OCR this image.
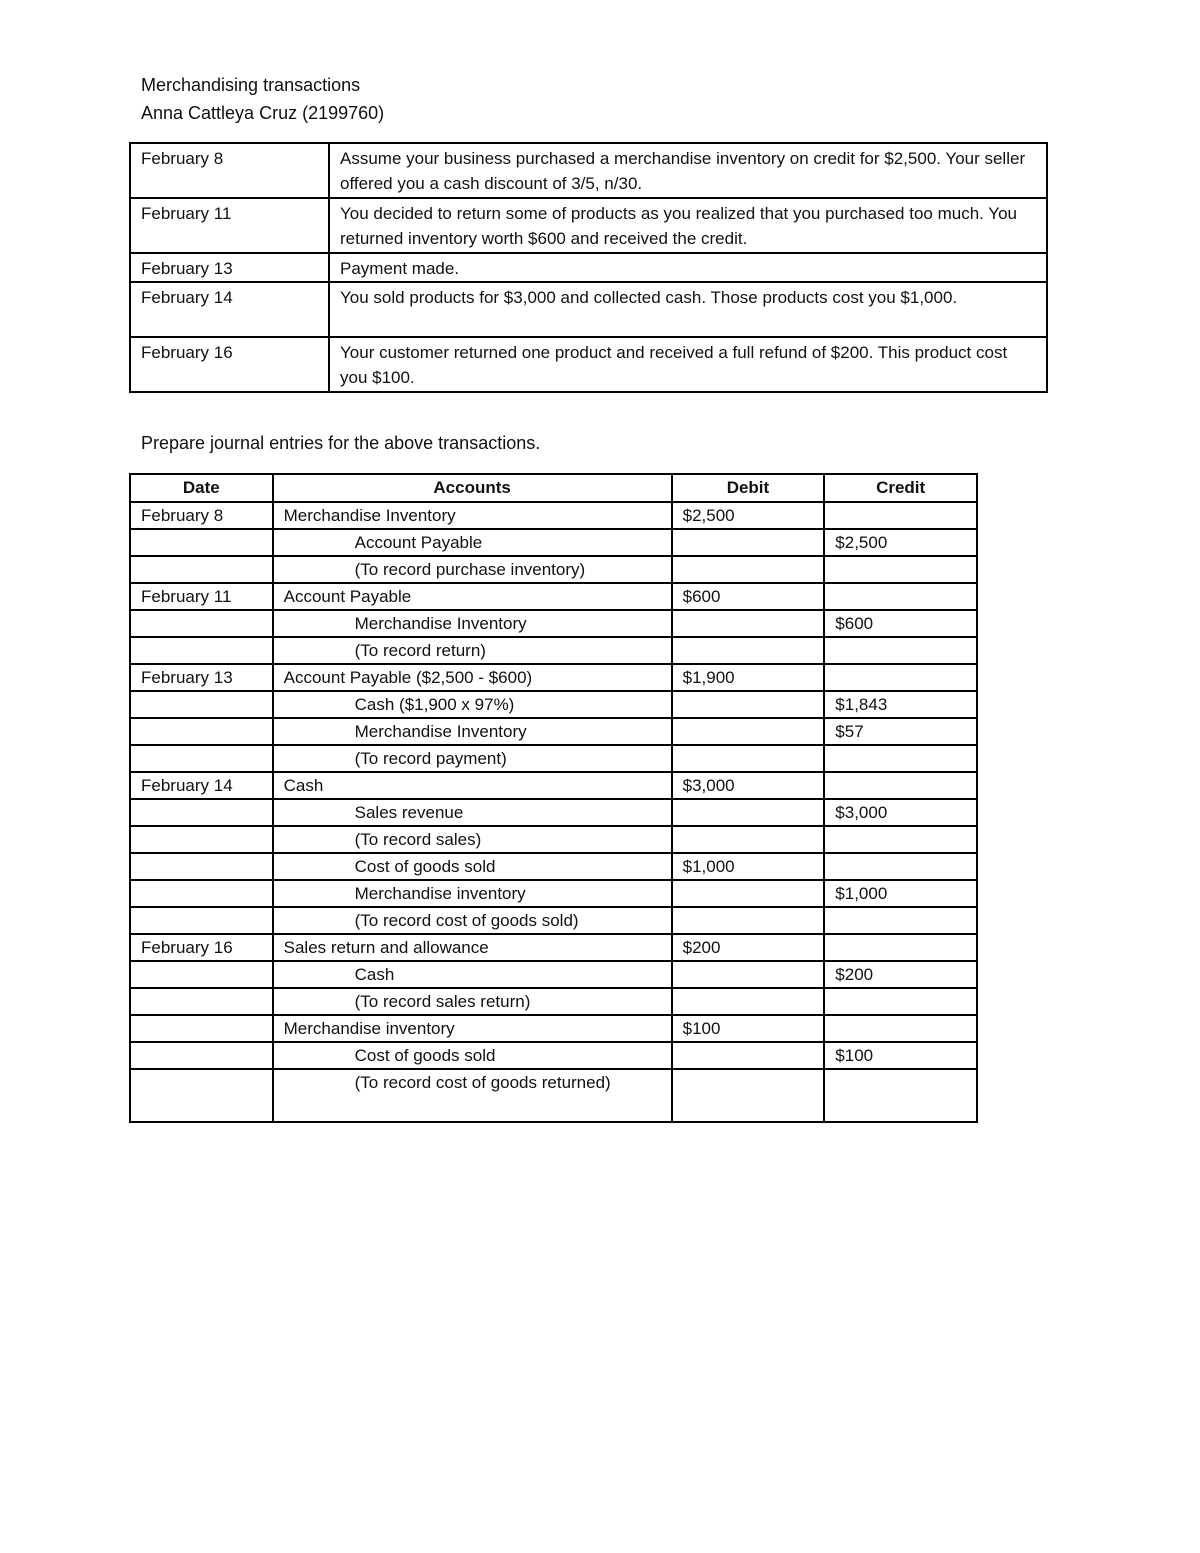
Merchandising transactions
Anna Cattleya Cruz (2199760)
February 8	Assume your business purchased a merchandise inventory on credit for $2,500. Your seller offered you a cash discount of 3/5, n/30.
February 11	You decided to return some of products as you realized that you purchased too much. You returned inventory worth $600 and received the credit.
February 13	Payment made.
February 14	You sold products for $3,000 and collected cash. Those products cost you $1,000.
February 16	Your customer returned one product and received a full refund of $200. This product cost you $100.
Prepare journal entries for the above transactions.
Date	Accounts	Debit	Credit
February 8	Merchandise Inventory	$2,500	
	Account Payable		$2,500
	(To record purchase inventory)		
February 11	Account Payable	$600	
	Merchandise Inventory		$600
	(To record return)		
February 13	Account Payable ($2,500 - $600)	$1,900	
	Cash ($1,900 x 97%)		$1,843
	Merchandise Inventory		$57
	(To record payment)		
February 14	Cash	$3,000	
	Sales revenue		$3,000
	(To record sales)		
	Cost of goods sold	$1,000	
	Merchandise inventory		$1,000
	(To record cost of goods sold)		
February 16	Sales return and allowance	$200	
	Cash		$200
	(To record sales return)		
	Merchandise inventory	$100	
	Cost of goods sold		$100
	(To record cost of goods returned)		
